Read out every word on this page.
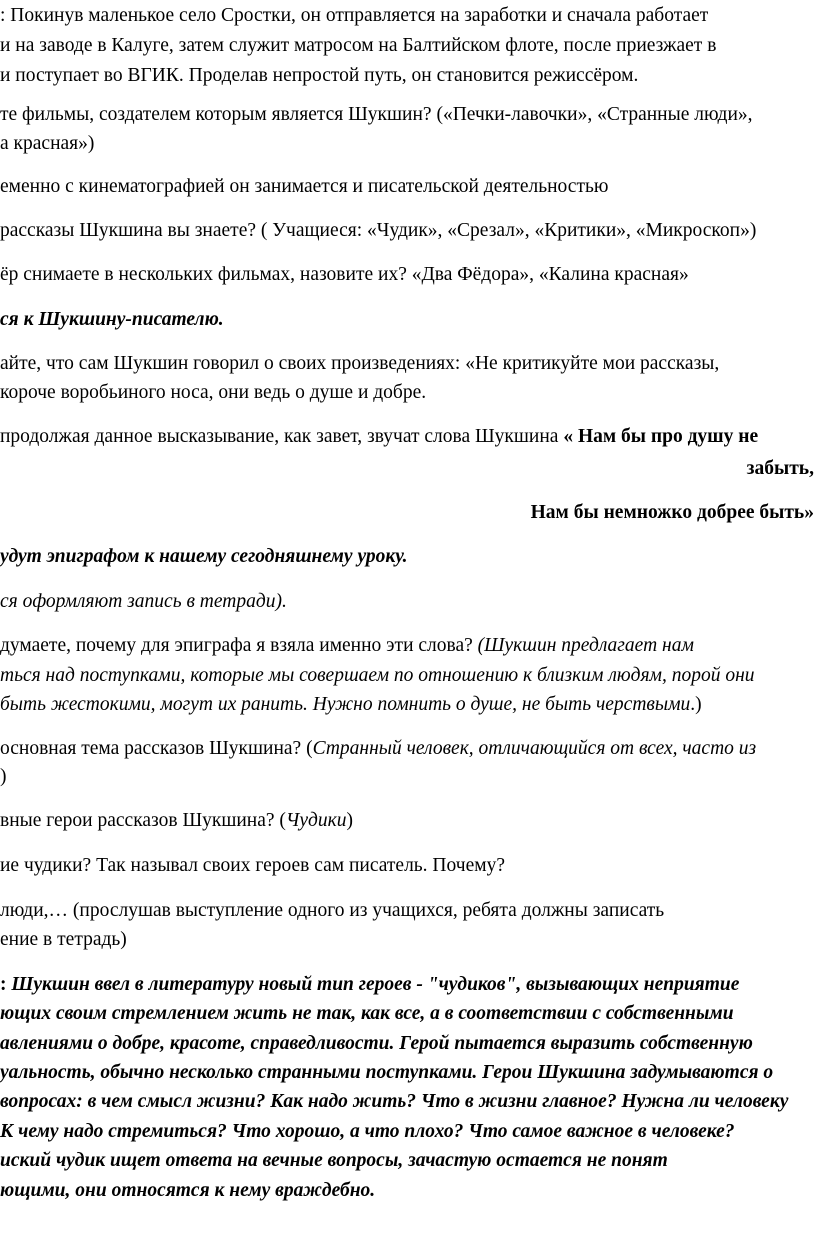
: Покинув маленькое село Сростки, он отправляется на заработки и сначала работает

и на заводе в Калуге, затем служит матросом на Балтийском флоте, после приезжает в

и поступает во ВГИК. Проделав непростой путь, он становится режиссёром.

те фильмы, создателем которым является Шукшин? («Печки-лавочки», «Странные люди»,

а красная»)

еменно с кинематографией он занимается и писательской деятельностью

рассказы Шукшина вы знаете? ( Учащиеся: «Чудик», «Срезал», «Критики», «Микроскоп»)

ёр снимаете в нескольких фильмах, назовите их? «Два Фёдора», «Калина красная»

ся к Шукшину-писателю.

айте, что сам Шукшин говорил о своих произведениях: «Не критикуйте мои рассказы,

короче воробьиного носа, они ведь о душе и добре.

продолжая данное высказывание, как завет, звучат слова Шукшина « Нам бы про душу не

забыть,

Нам бы немножко добрее быть»

удут эпиграфом к нашему сегодняшнему уроку.

ся оформляют запись в тетради).

думаете, почему для эпиграфа я взяла именно эти слова? (Шукшин предлагает нам

ться над поступками, которые мы совершаем по отношению к близким людям, порой они

быть жестокими, могут их ранить. Нужно помнить о душе, не быть черствыми.)

основная тема рассказов Шукшина? (Странный человек, отличающийся от всех, часто из

)

вные герои рассказов Шукшина? (Чудики)

ие чудики? Так называл своих героев сам писатель. Почему?

люди,… (прослушав выступление одного из учащихся, ребята должны записать

ение в тетрадь)

: Шукшин ввел в литературу новый тип героев - "чудиков", вызывающих неприятие

ющих своим стремлением жить не так, как все, а в соответствии с собственными

авлениями о добре, красоте, справедливости. Герой пытается выразить собственную

уальность, обычно несколько странными поступками. Герои Шукшина задумываются о

вопросах: в чем смысл жизни? Как надо жить? Что в жизни главное? Нужна ли человеку

К чему надо стремиться? Что хорошо, а что плохо? Что самое важное в человеке?

иский чудик ищет ответа на вечные вопросы, зачастую остается не понят

ющими, они относятся к нему враждебно.
